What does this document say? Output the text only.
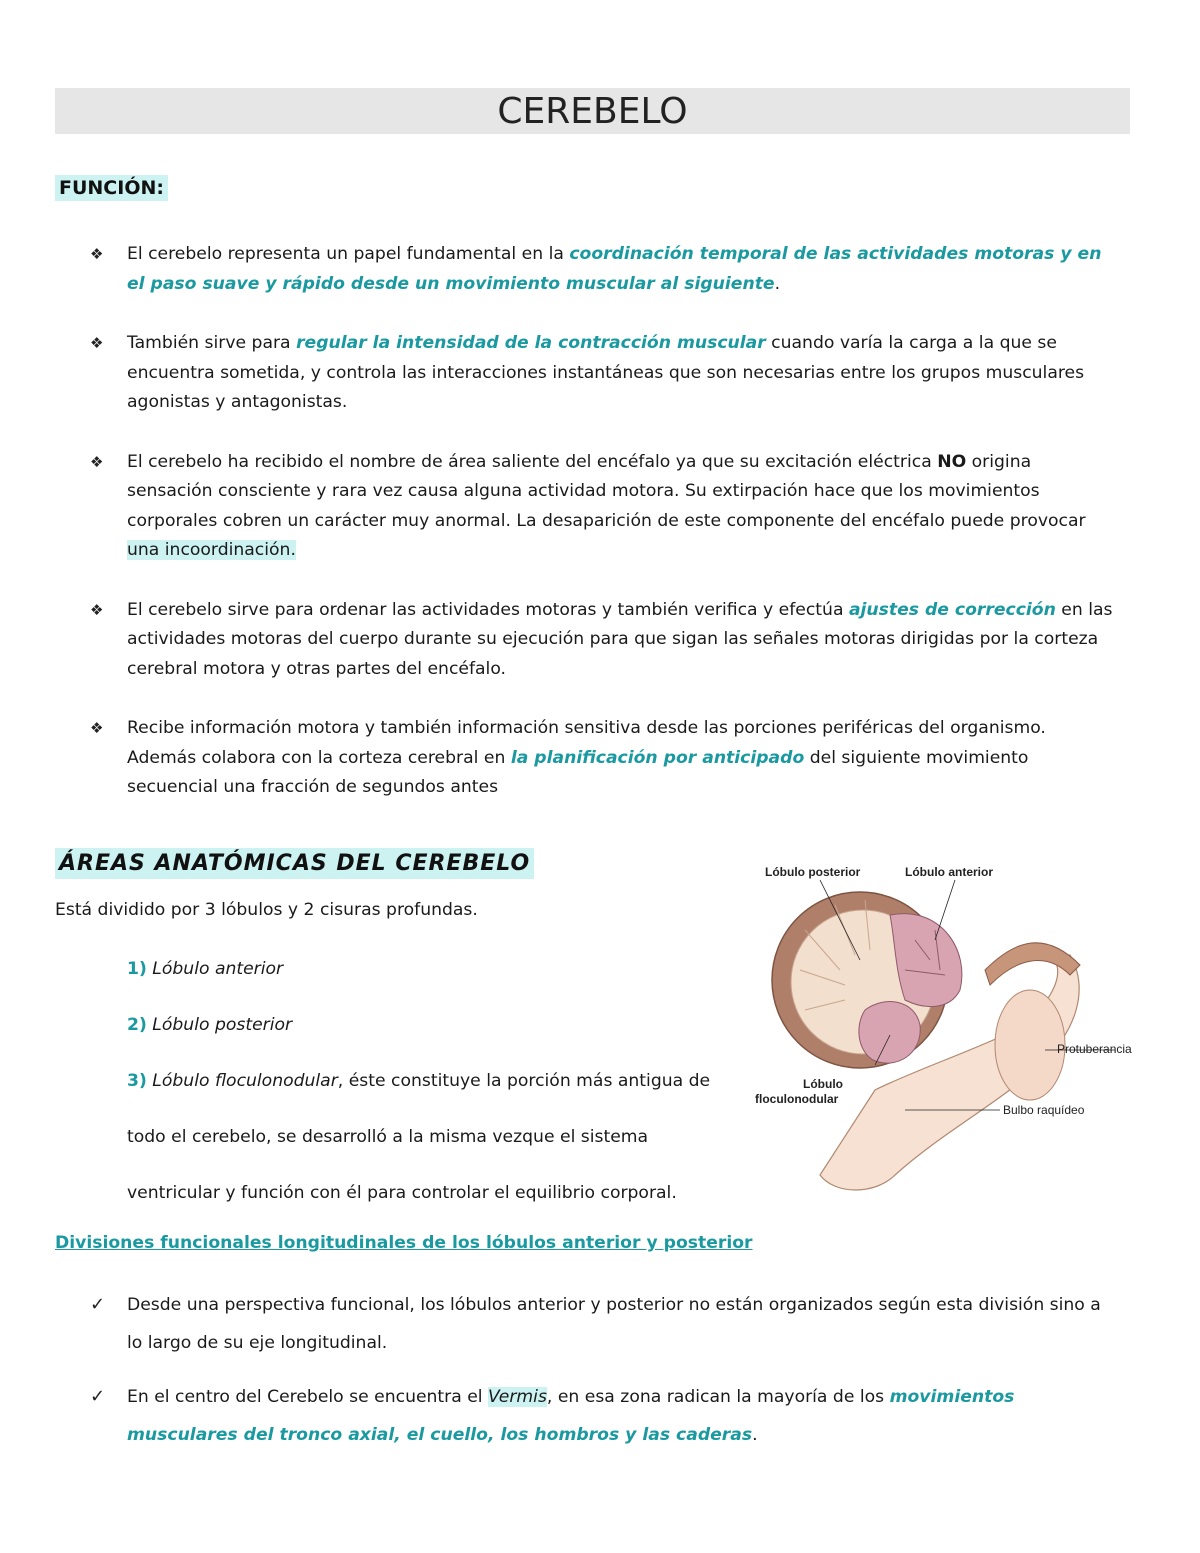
CEREBELO
FUNCIÓN:
❖ El cerebelo representa un papel fundamental en la coordinación temporal de las actividades motoras y en el paso suave y rápido desde un movimiento muscular al siguiente.
❖ También sirve para regular la intensidad de la contracción muscular cuando varía la carga a la que se encuentra sometida, y controla las interacciones instantáneas que son necesarias entre los grupos musculares agonistas y antagonistas.
❖ El cerebelo ha recibido el nombre de área saliente del encéfalo ya que su excitación eléctrica NO origina sensación consciente y rara vez causa alguna actividad motora. Su extirpación hace que los movimientos corporales cobren un carácter muy anormal. La desaparición de este componente del encéfalo puede provocar una incoordinación.
❖ El cerebelo sirve para ordenar las actividades motoras y también verifica y efectúa ajustes de corrección en las actividades motoras del cuerpo durante su ejecución para que sigan las señales motoras dirigidas por la corteza cerebral motora y otras partes del encéfalo.
❖ Recibe información motora y también información sensitiva desde las porciones periféricas del organismo. Además colabora con la corteza cerebral en la planificación por anticipado del siguiente movimiento secuencial una fracción de segundos antes
ÁREAS ANATÓMICAS DEL CEREBELO
Está dividido por 3 lóbulos y 2 cisuras profundas.
1) Lóbulo anterior
2) Lóbulo posterior
3) Lóbulo floculonodular, éste constituye la porción más antigua de
todo el cerebelo, se desarrolló a la misma vezque el sistema
ventricular y función con él para controlar el equilibrio corporal.
Lóbulo posterior	Lóbulo anterior
Protuberancia
Lóbulo
floculonodular
Bulbo raquídeo
Divisiones funcionales longitudinales de los lóbulos anterior y posterior
✓ Desde una perspectiva funcional, los lóbulos anterior y posterior no están organizados según esta división sino a lo largo de su eje longitudinal.
✓ En el centro del Cerebelo se encuentra el Vermis, en esa zona radican la mayoría de los movimientos musculares del tronco axial, el cuello, los hombros y las caderas.
